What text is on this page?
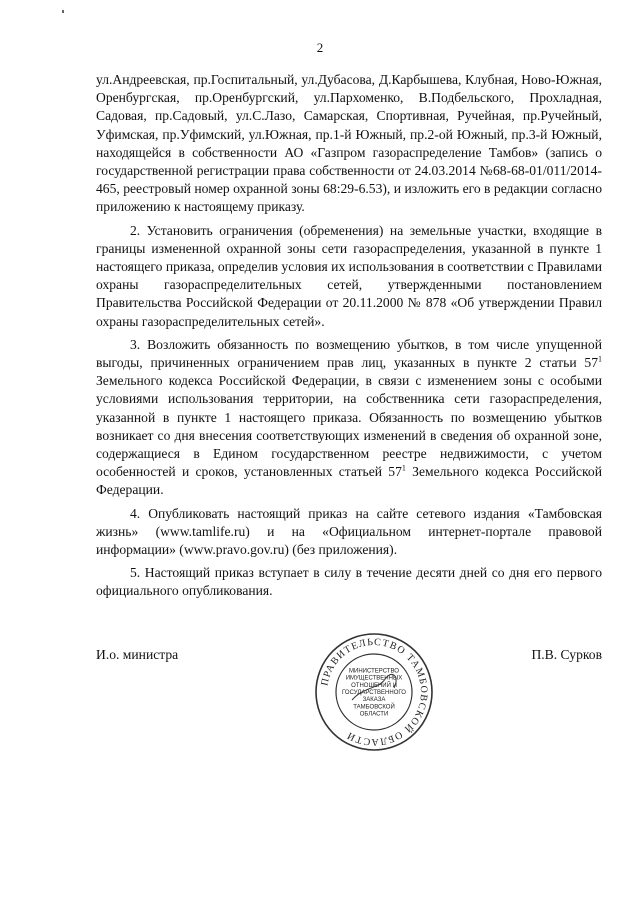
2

ул.Андреевская, пр.Госпитальный, ул.Дубасова, Д.Карбышева, Клубная, Ново-Южная, Оренбургская, пр.Оренбургский, ул.Пархоменко, В.Подбельского, Прохладная, Садовая, пр.Садовый, ул.С.Лазо, Самарская, Спортивная, Ручейная, пр.Ручейный, Уфимская, пр.Уфимский, ул.Южная, пр.1-й Южный, пр.2-ой Южный, пр.3-й Южный, находящейся в собственности АО «Газпром газораспределение Тамбов» (запись о государственной регистрации права собственности от 24.03.2014 №68-68-01/011/2014-465, реестровый номер охранной зоны 68:29-6.53), и изложить его в редакции согласно приложению к настоящему приказу.

2. Установить ограничения (обременения) на земельные участки, входящие в границы измененной охранной зоны сети газораспределения, указанной в пункте 1 настоящего приказа, определив условия их использования в соответствии с Правилами охраны газораспределительных сетей, утвержденными постановлением Правительства Российской Федерации от 20.11.2000 № 878 «Об утверждении Правил охраны газораспределительных сетей».

3. Возложить обязанность по возмещению убытков, в том числе упущенной выгоды, причиненных ограничением прав лиц, указанных в пункте 2 статьи $57^1$ Земельного кодекса Российской Федерации, в связи с изменением зоны с особыми условиями использования территории, на собственника сети газораспределения, указанной в пункте 1 настоящего приказа. Обязанность по возмещению убытков возникает со дня внесения соответствующих изменений в сведения об охранной зоне, содержащиеся в Едином государственном реестре недвижимости, с учетом особенностей и сроков, установленных статьей $57^1$ Земельного кодекса Российской Федерации.

4. Опубликовать настоящий приказ на сайте сетевого издания «Тамбовская жизнь» (www.tamlife.ru) и на «Официальном интернет-портале правовой информации» (www.pravo.gov.ru) (без приложения).

5. Настоящий приказ вступает в силу в течение десяти дней со дня его первого официального опубликования.

И.о. министра	П.В. Сурков
ПРАВИТЕЛЬСТВО ТАМБОВСКОЙ ОБЛАСТИ
МИНИСТЕРСТВО
ИМУЩЕСТВЕННЫХ
ОТНОШЕНИЙ И
ГОСУДАРСТВЕННОГО
ЗАКАЗА
ТАМБОВСКОЙ
ОБЛАСТИ
